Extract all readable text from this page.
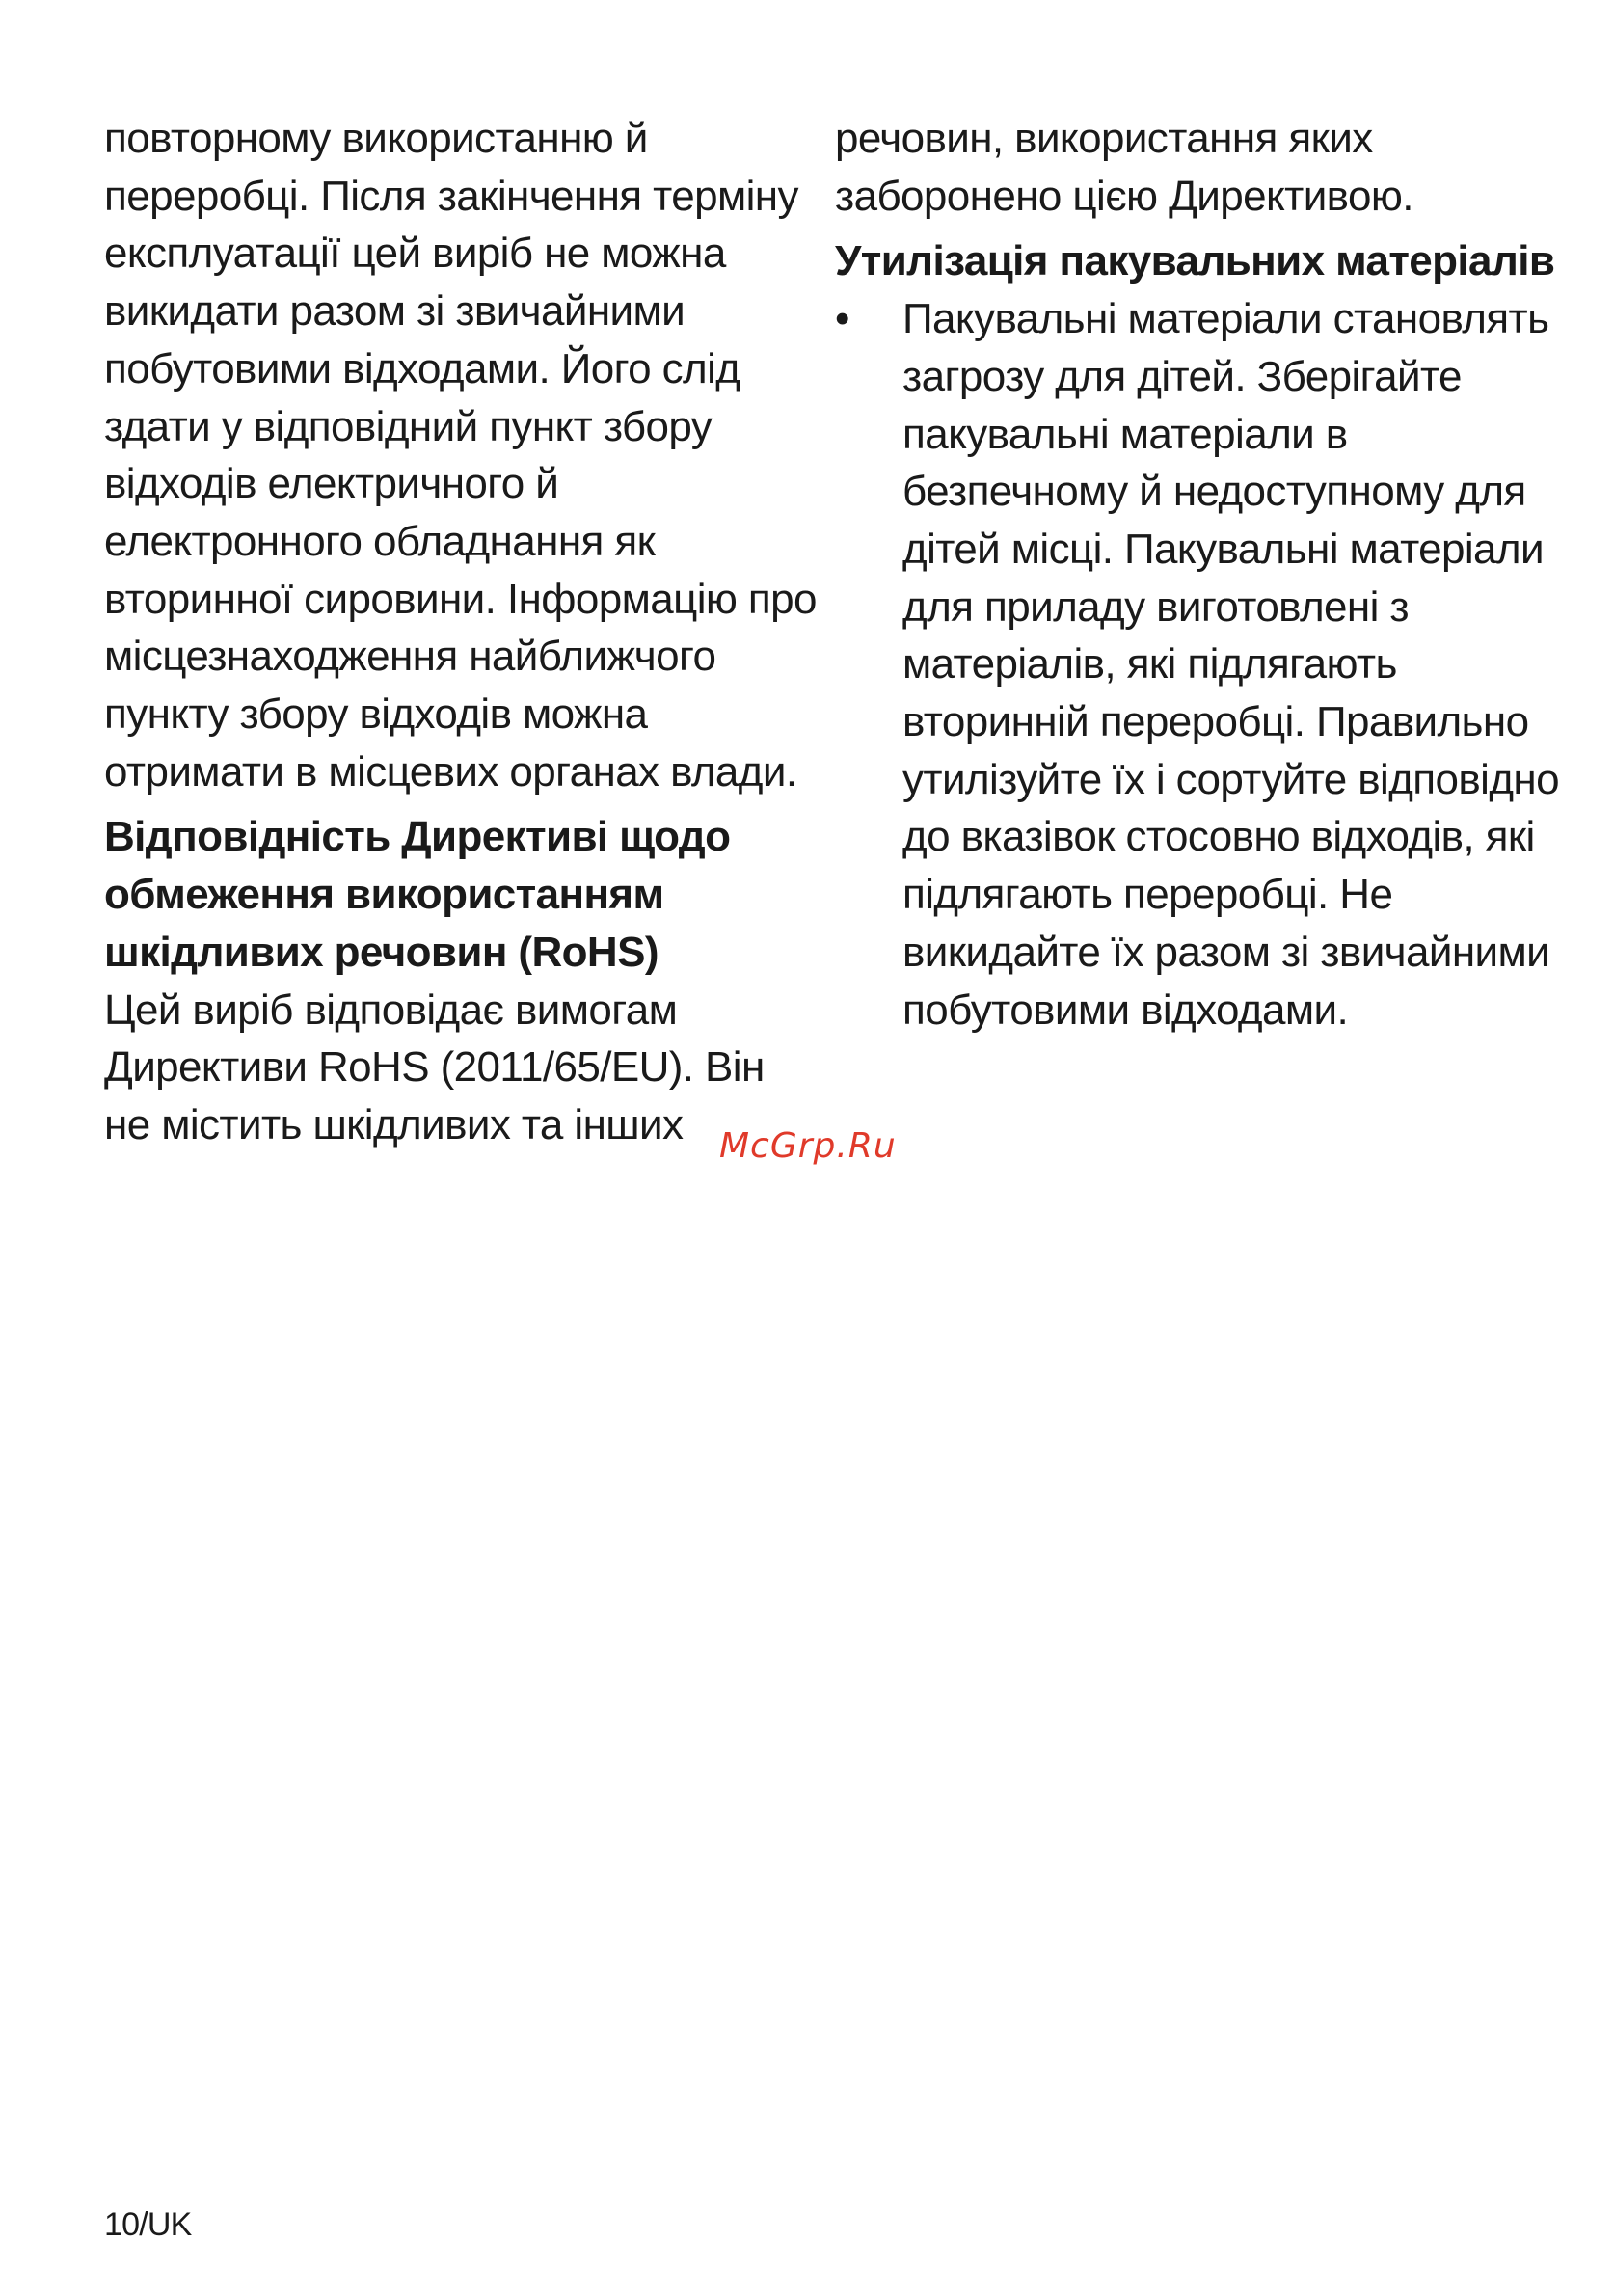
повторному використанню й переробці. Після закінчення терміну експлуатації цей виріб не можна викидати разом зі звичайними побутовими відходами. Його слід здати у відповідний пункт збору відходів електричного й електронного обладнання як вторинної сировини. Інформацію про місцезнаходження найближчого пункту збору відходів можна отримати в місцевих органах влади.

Відповідність Директиві щодо обмеження використанням шкідливих речовин (RoHS)

Цей виріб відповідає вимогам Директиви RoHS (2011/65/EU). Він не містить шкідливих та інших

речовин, використання яких заборонено цією Директивою.

Утилізація пакувальних матеріалів
•	Пакувальні матеріали становлять загрозу для дітей. Зберігайте пакувальні матеріали в безпечному й недоступному для дітей місці. Пакувальні матеріали для приладу виготовлені з матеріалів, які підлягають вторинній переробці. Правильно утилізуйте їх і сортуйте відповідно до вказівок стосовно відходів, які підлягають переробці. Не викидайте їх разом зі звичайними побутовими відходами.

McGrp.Ru
10/UK
